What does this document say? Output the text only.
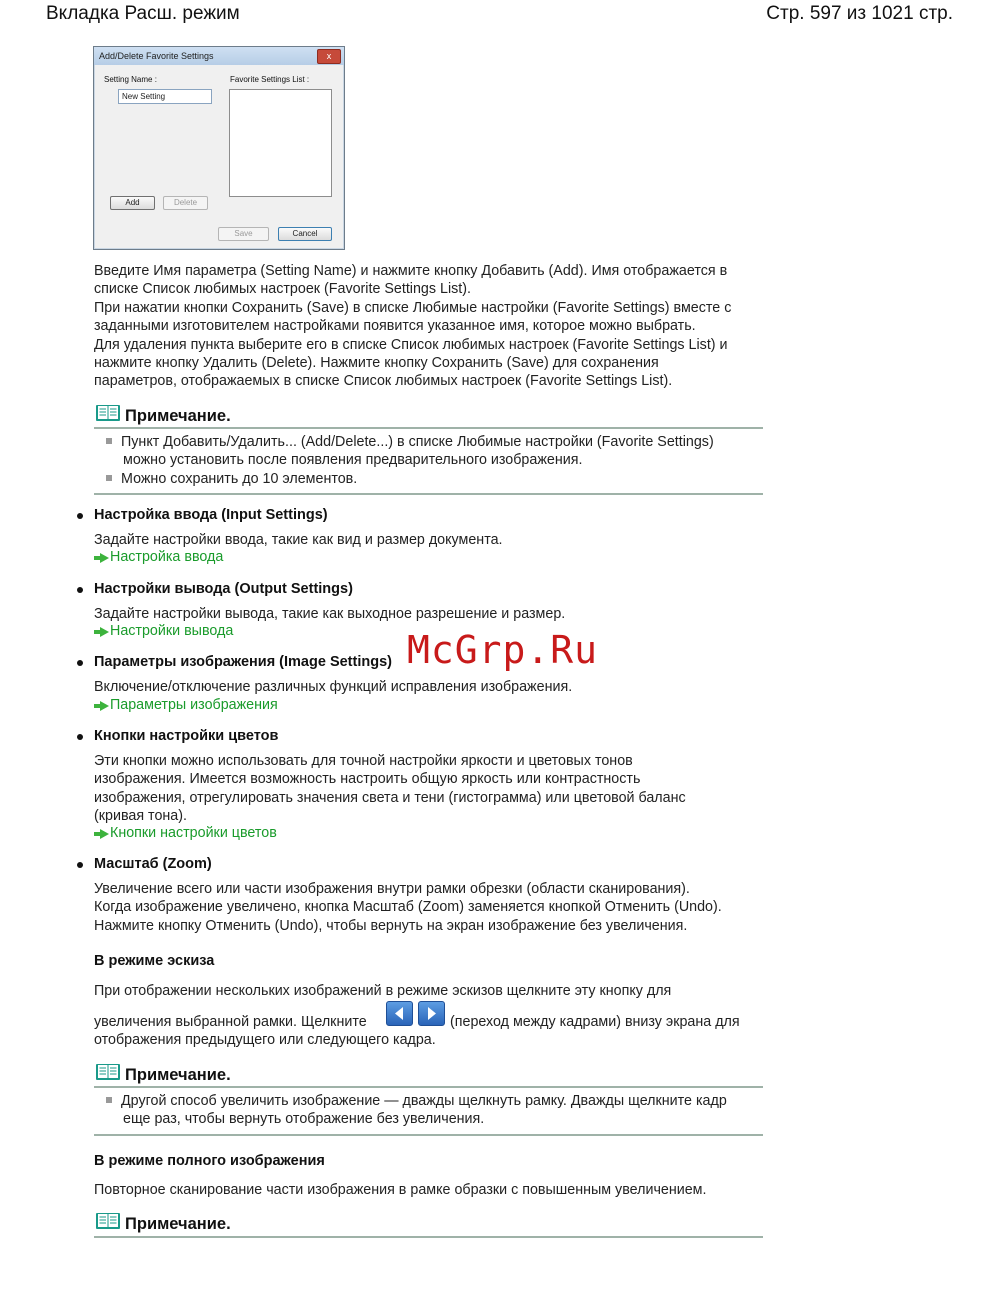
Вкладка Расш. режим	Стр. 597 из 1021 стр.
Add/Delete Favorite Settings	x
Setting Name :
New Setting
Favorite Settings List :
Add	Delete
Save	Cancel
Введите Имя параметра (Setting Name) и нажмите кнопку Добавить (Add). Имя отображается в
списке Список любимых настроек (Favorite Settings List).
При нажатии кнопки Сохранить (Save) в списке Любимые настройки (Favorite Settings) вместе с
заданными изготовителем настройками появится указанное имя, которое можно выбрать.
Для удаления пункта выберите его в списке Список любимых настроек (Favorite Settings List) и
нажмите кнопку Удалить (Delete). Нажмите кнопку Сохранить (Save) для сохранения
параметров, отображаемых в списке Список любимых настроек (Favorite Settings List).
Примечание.
Пункт Добавить/Удалить... (Add/Delete...) в списке Любимые настройки (Favorite Settings)
можно установить после появления предварительного изображения.
Можно сохранить до 10 элементов.
Настройка ввода (Input Settings)
Задайте настройки ввода, такие как вид и размер документа.
Настройка ввода
Настройки вывода (Output Settings)
Задайте настройки вывода, такие как выходное разрешение и размер.
Настройки вывода	McGrp.Ru
Параметры изображения (Image Settings)
Включение/отключение различных функций исправления изображения.
Параметры изображения
Кнопки настройки цветов
Эти кнопки можно использовать для точной настройки яркости и цветовых тонов
изображения. Имеется возможность настроить общую яркость или контрастность
изображения, отрегулировать значения света и тени (гистограмма) или цветовой баланс
(кривая тона).
Кнопки настройки цветов
Масштаб (Zoom)
Увеличение всего или части изображения внутри рамки обрезки (области сканирования).
Когда изображение увеличено, кнопка Масштаб (Zoom) заменяется кнопкой Отменить (Undo).
Нажмите кнопку Отменить (Undo), чтобы вернуть на экран изображение без увеличения.
В режиме эскиза
При отображении нескольких изображений в режиме эскизов щелкните эту кнопку для
увеличения выбранной рамки. Щелкните	(переход между кадрами) внизу экрана для
отображения предыдущего или следующего кадра.
Примечание.
Другой способ увеличить изображение — дважды щелкнуть рамку. Дважды щелкните кадр
еще раз, чтобы вернуть отображение без увеличения.
В режиме полного изображения
Повторное сканирование части изображения в рамке образки с повышенным увеличением.
Примечание.
